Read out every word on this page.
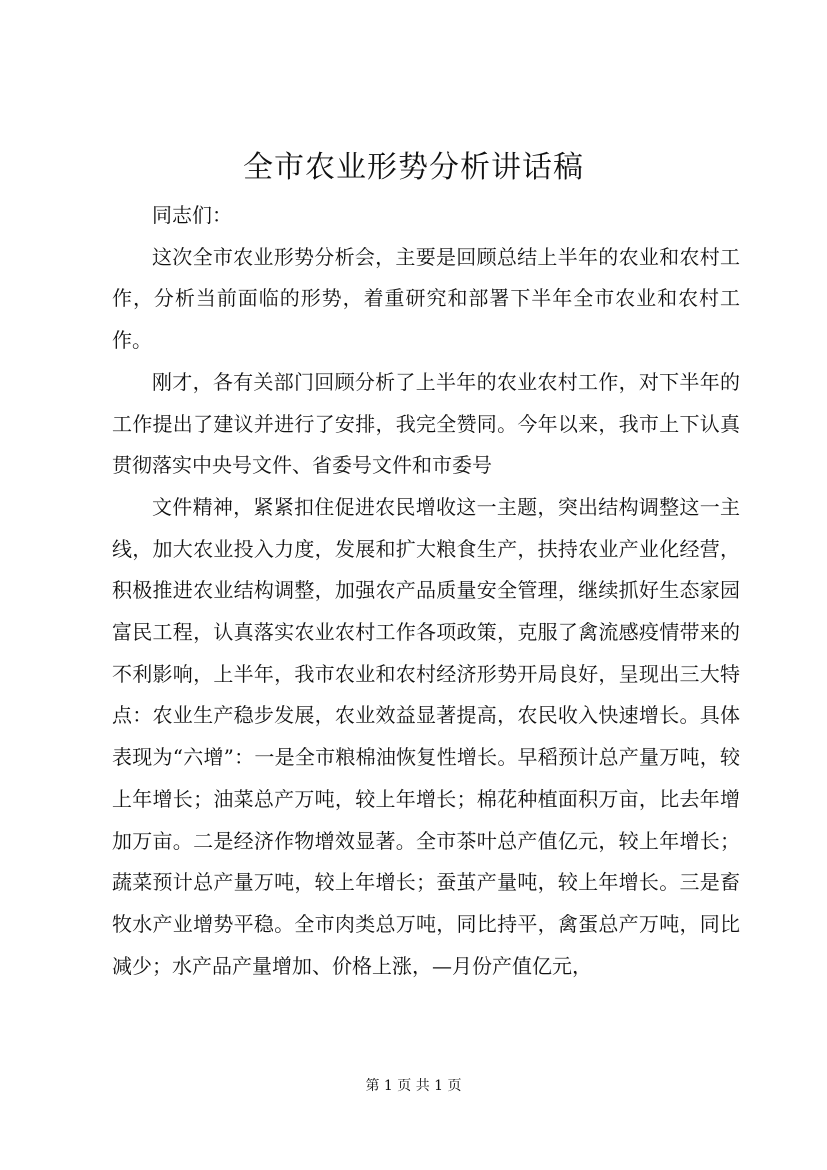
全市农业形势分析讲话稿

同志们：

这次全市农业形势分析会，主要是回顾总结上半年的农业和农村工作，分析当前面临的形势，着重研究和部署下半年全市农业和农村工作。

刚才，各有关部门回顾分析了上半年的农业农村工作，对下半年的工作提出了建议并进行了安排，我完全赞同。今年以来，我市上下认真贯彻落实中央号文件、省委号文件和市委号

文件精神，紧紧扣住促进农民增收这一主题，突出结构调整这一主线，加大农业投入力度，发展和扩大粮食生产，扶持农业产业化经营，积极推进农业结构调整，加强农产品质量安全管理，继续抓好生态家园富民工程，认真落实农业农村工作各项政策，克服了禽流感疫情带来的不利影响，上半年，我市农业和农村经济形势开局良好，呈现出三大特点：农业生产稳步发展，农业效益显著提高，农民收入快速增长。具体表现为“六增”：一是全市粮棉油恢复性增长。早稻预计总产量万吨，较上年增长；油菜总产万吨，较上年增长；棉花种植面积万亩，比去年增加万亩。二是经济作物增效显著。全市茶叶总产值亿元，较上年增长；蔬菜预计总产量万吨，较上年增长；蚕茧产量吨，较上年增长。三是畜牧水产业增势平稳。全市肉类总万吨，同比持平，禽蛋总产万吨，同比减少；水产品产量增加、价格上涨，—月份产值亿元，

第 1 页 共 1 页
